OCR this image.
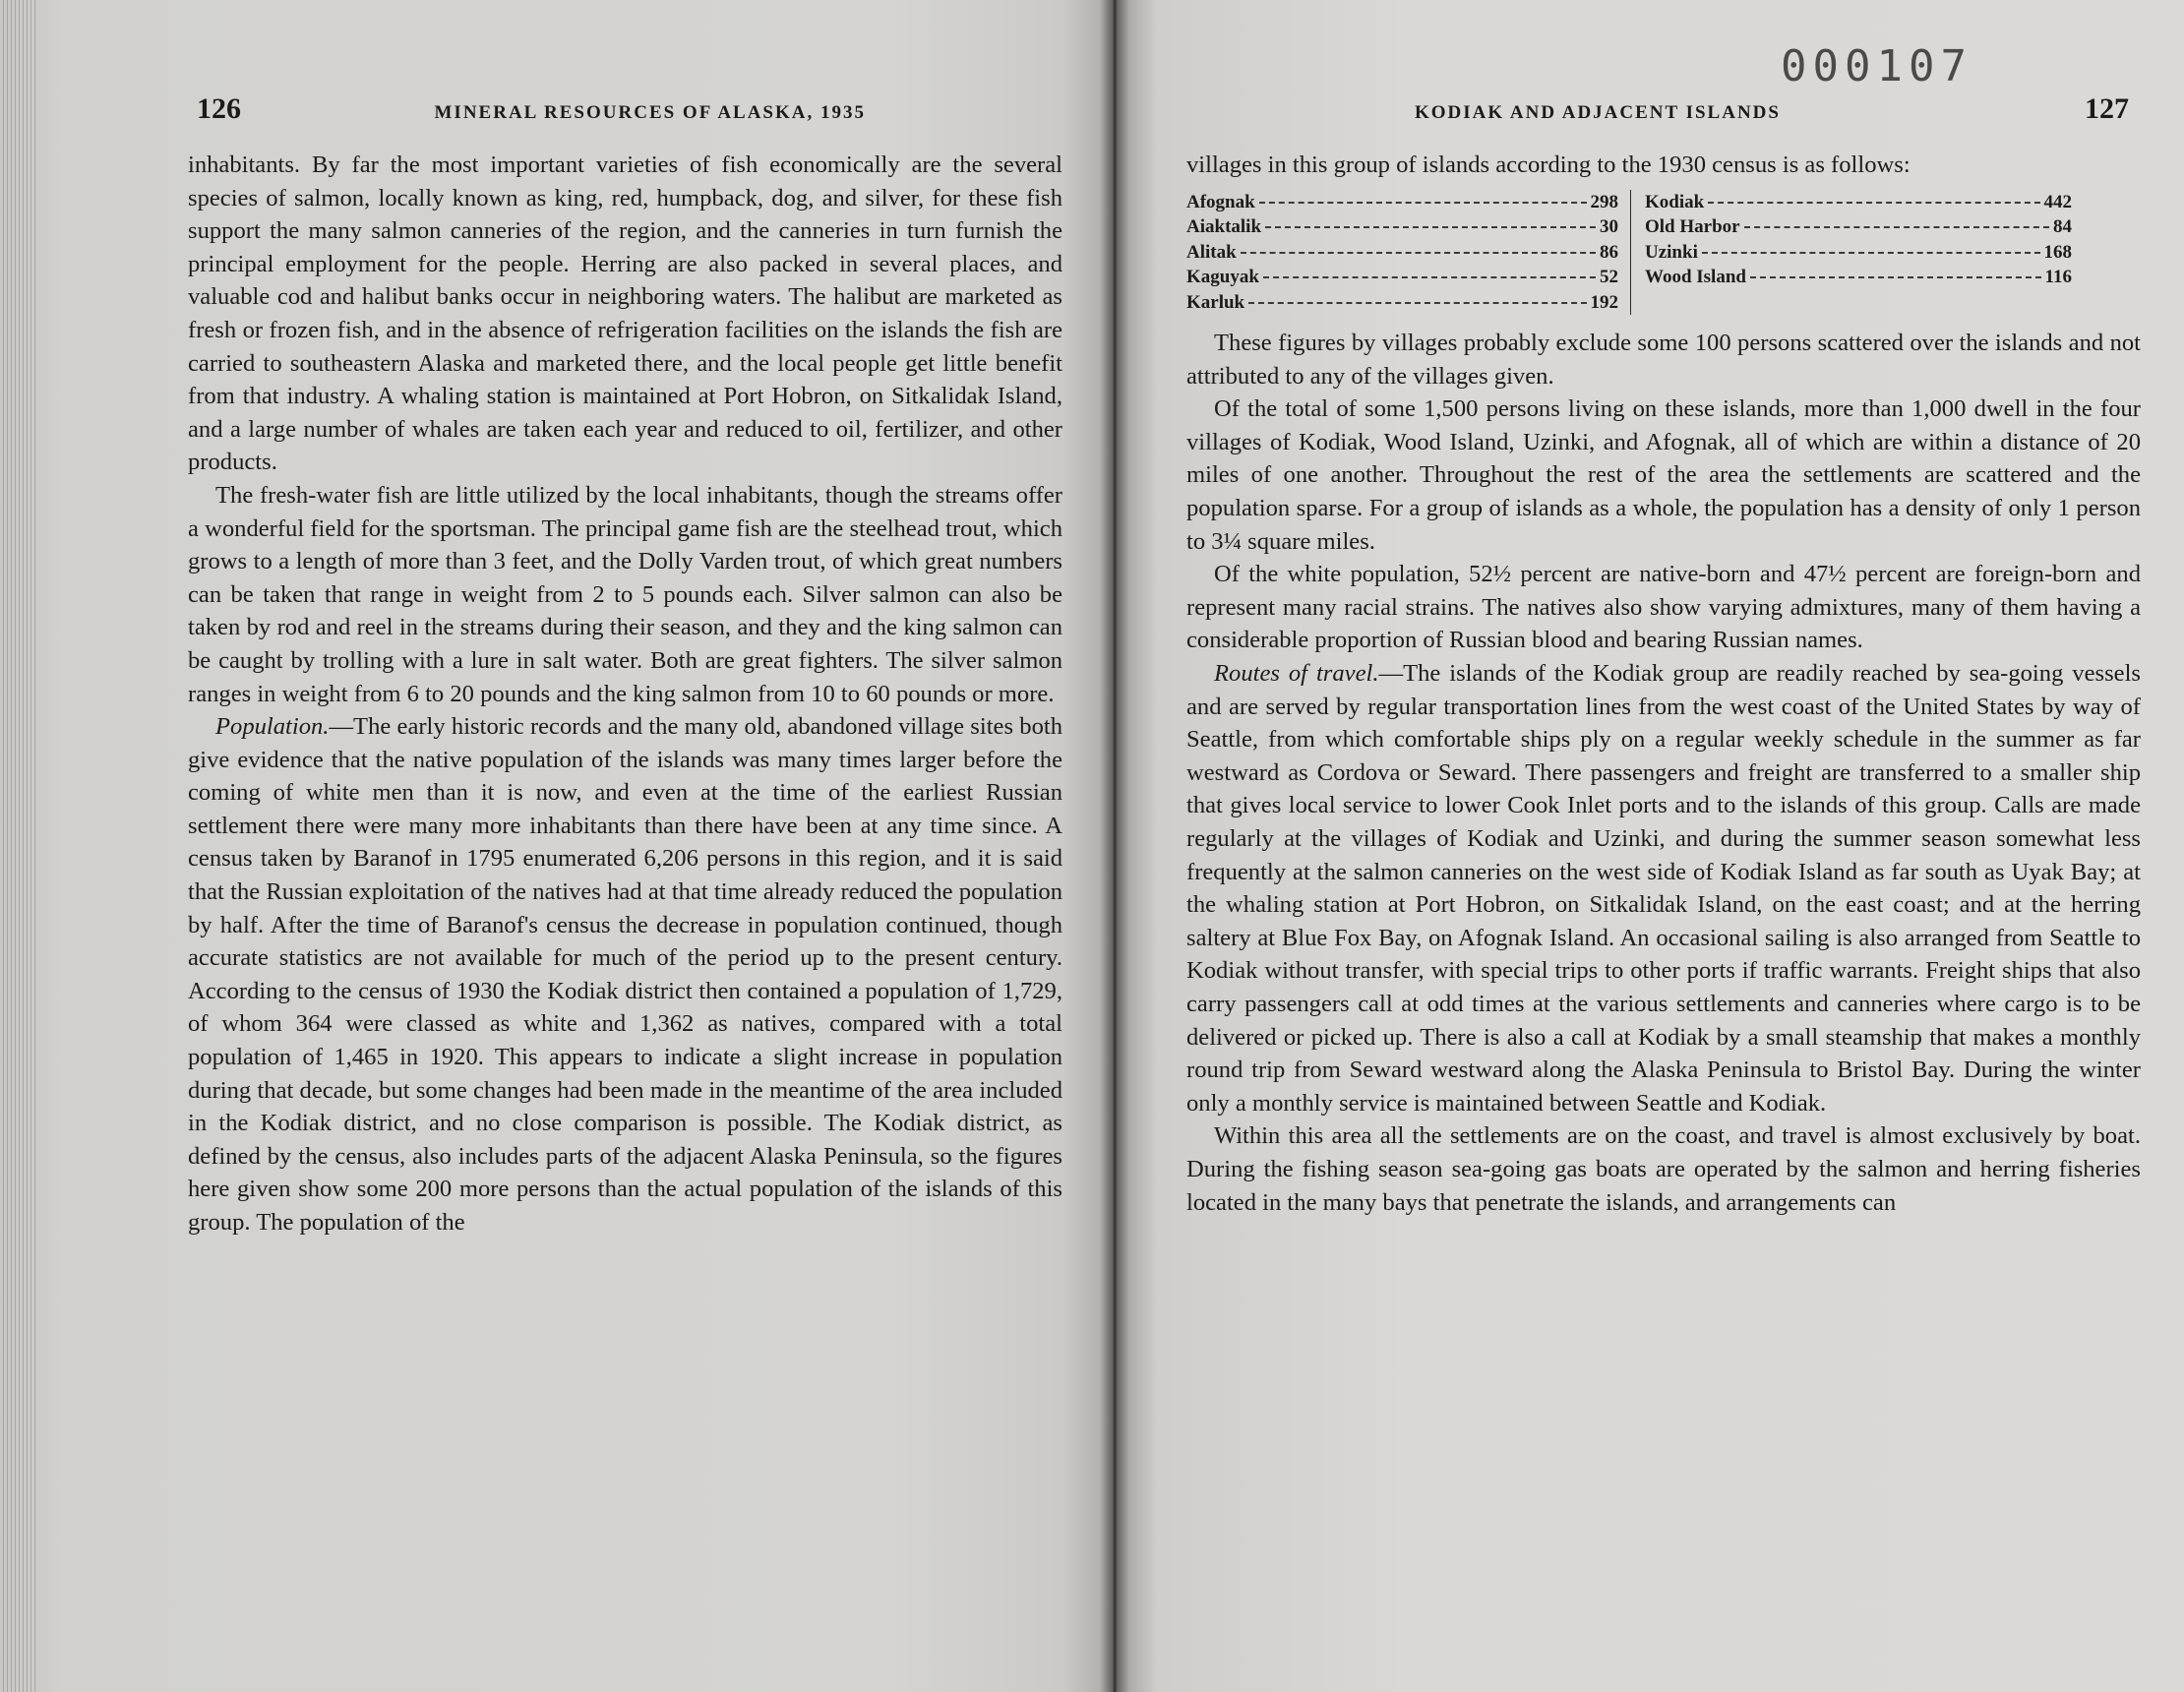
126	MINERAL RESOURCES OF ALASKA, 1935

inhabitants. By far the most important varieties of fish economically are the several species of salmon, locally known as king, red, humpback, dog, and silver, for these fish support the many salmon canneries of the region, and the canneries in turn furnish the principal employment for the people. Herring are also packed in several places, and valuable cod and halibut banks occur in neighboring waters. The halibut are marketed as fresh or frozen fish, and in the absence of refrigeration facilities on the islands the fish are carried to southeastern Alaska and marketed there, and the local people get little benefit from that industry. A whaling station is maintained at Port Hobron, on Sitkalidak Island, and a large number of whales are taken each year and reduced to oil, fertilizer, and other products.

The fresh-water fish are little utilized by the local inhabitants, though the streams offer a wonderful field for the sportsman. The principal game fish are the steelhead trout, which grows to a length of more than 3 feet, and the Dolly Varden trout, of which great numbers can be taken that range in weight from 2 to 5 pounds each. Silver salmon can also be taken by rod and reel in the streams during their season, and they and the king salmon can be caught by trolling with a lure in salt water. Both are great fighters. The silver salmon ranges in weight from 6 to 20 pounds and the king salmon from 10 to 60 pounds or more.

Population.—The early historic records and the many old, abandoned village sites both give evidence that the native population of the islands was many times larger before the coming of white men than it is now, and even at the time of the earliest Russian settlement there were many more inhabitants than there have been at any time since. A census taken by Baranof in 1795 enumerated 6,206 persons in this region, and it is said that the Russian exploitation of the natives had at that time already reduced the population by half. After the time of Baranof's census the decrease in population continued, though accurate statistics are not available for much of the period up to the present century. According to the census of 1930 the Kodiak district then contained a population of 1,729, of whom 364 were classed as white and 1,362 as natives, compared with a total population of 1,465 in 1920. This appears to indicate a slight increase in population during that decade, but some changes had been made in the meantime of the area included in the Kodiak district, and no close comparison is possible. The Kodiak district, as defined by the census, also includes parts of the adjacent Alaska Peninsula, so the figures here given show some 200 more persons than the actual population of the islands of this group. The population of the

000107
KODIAK AND ADJACENT ISLANDS	127

villages in this group of islands according to the 1930 census is as follows:

Afognak	298
Aiaktalik	30
Alitak	86
Kaguyak	52
Karluk	192
Kodiak	442
Old Harbor	84
Uzinki	168
Wood Island	116

These figures by villages probably exclude some 100 persons scattered over the islands and not attributed to any of the villages given.

Of the total of some 1,500 persons living on these islands, more than 1,000 dwell in the four villages of Kodiak, Wood Island, Uzinki, and Afognak, all of which are within a distance of 20 miles of one another. Throughout the rest of the area the settlements are scattered and the population sparse. For a group of islands as a whole, the population has a density of only 1 person to 3¼ square miles.

Of the white population, 52½ percent are native-born and 47½ percent are foreign-born and represent many racial strains. The natives also show varying admixtures, many of them having a considerable proportion of Russian blood and bearing Russian names.

Routes of travel.—The islands of the Kodiak group are readily reached by sea-going vessels and are served by regular transportation lines from the west coast of the United States by way of Seattle, from which comfortable ships ply on a regular weekly schedule in the summer as far westward as Cordova or Seward. There passengers and freight are transferred to a smaller ship that gives local service to lower Cook Inlet ports and to the islands of this group. Calls are made regularly at the villages of Kodiak and Uzinki, and during the summer season somewhat less frequently at the salmon canneries on the west side of Kodiak Island as far south as Uyak Bay; at the whaling station at Port Hobron, on Sitkalidak Island, on the east coast; and at the herring saltery at Blue Fox Bay, on Afognak Island. An occasional sailing is also arranged from Seattle to Kodiak without transfer, with special trips to other ports if traffic warrants. Freight ships that also carry passengers call at odd times at the various settlements and canneries where cargo is to be delivered or picked up. There is also a call at Kodiak by a small steamship that makes a monthly round trip from Seward westward along the Alaska Peninsula to Bristol Bay. During the winter only a monthly service is maintained between Seattle and Kodiak.

Within this area all the settlements are on the coast, and travel is almost exclusively by boat. During the fishing season sea-going gas boats are operated by the salmon and herring fisheries located in the many bays that penetrate the islands, and arrangements can
